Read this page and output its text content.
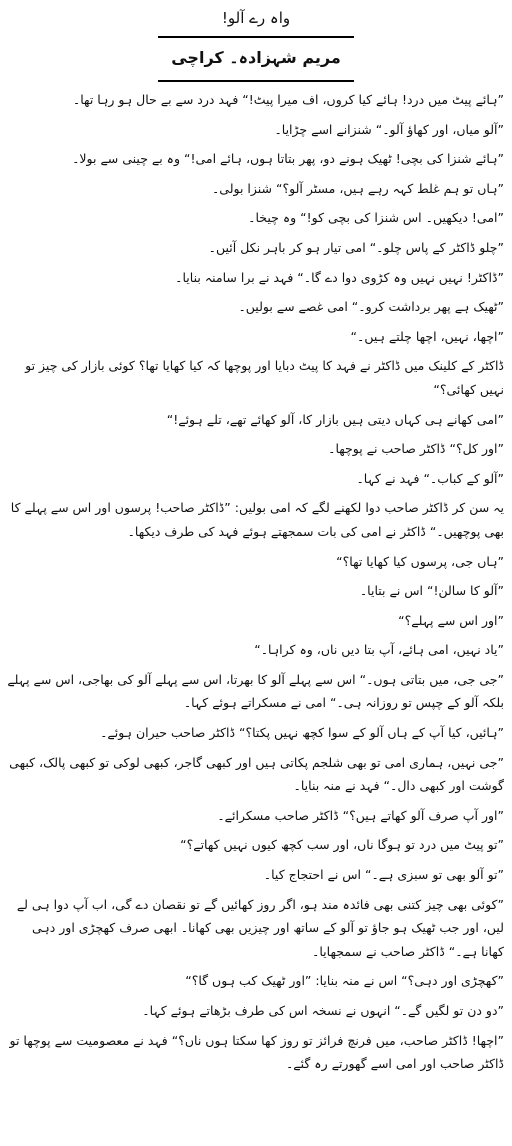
واہ رے آلو!
مریم شہزادہ۔ کراچی

”ہائے پیٹ میں درد! ہائے کیا کروں، اف میرا پیٹ!“ فہد درد سے بے حال ہو رہا تھا۔

”آلو میاں، اور کھاؤ آلو۔“ شنزانے اسے چڑایا۔

”ہائے شنزا کی بچی! ٹھیک ہونے دو، پھر بتاتا ہوں، ہائے امی!“ وہ بے چینی سے بولا۔

”ہاں تو ہم غلط کہہ رہے ہیں، مسٹر آلو؟“ شنزا بولی۔

”امی! دیکھیں۔ اس شنزا کی بچی کو!“ وہ چیخا۔

”چلو ڈاکٹر کے پاس چلو۔“ امی تیار ہو کر باہر نکل آئیں۔

”ڈاکٹر! نہیں نہیں وہ کڑوی دوا دے گا۔“ فہد نے برا سامنہ بنایا۔

”ٹھیک ہے پھر برداشت کرو۔“ امی غصے سے بولیں۔

”اچھا، نہیں، اچھا چلتے ہیں۔“

ڈاکٹر کے کلینک میں ڈاکٹر نے فہد کا پیٹ دبایا اور پوچھا کہ کیا کھایا تھا؟ کوئی بازار کی چیز تو نہیں کھائی؟“

”امی کھانے ہی کہاں دیتی ہیں بازار کا، آلو کھائے تھے، تلے ہوئے!“

”اور کل؟“ ڈاکٹر صاحب نے پوچھا۔

”آلو کے کباب۔“ فہد نے کہا۔

یہ سن کر ڈاکٹر صاحب دوا لکھنے لگے کہ امی بولیں: ”ڈاکٹر صاحب! پرسوں اور اس سے پہلے کا بھی پوچھیں۔“ ڈاکٹر نے امی کی بات سمجھتے ہوئے فہد کی طرف دیکھا۔

”ہاں جی، پرسوں کیا کھایا تھا؟“

”آلو کا سالن!“ اس نے بتایا۔

”اور اس سے پہلے؟“

”یاد نہیں، امی ہائے، آپ بتا دیں ناں، وہ کراہا۔“

”جی جی، میں بتاتی ہوں۔“ اس سے پہلے آلو کا بھرتا، اس سے پہلے آلو کی بھاجی، اس سے پہلے بلکہ آلو کے چپس تو روزانہ ہی۔“ امی نے مسکراتے ہوئے کہا۔

”ہائیں، کیا آپ کے ہاں آلو کے سوا کچھ نہیں پکتا؟“ ڈاکٹر صاحب حیران ہوئے۔

”جی نہیں، ہماری امی تو بھی شلجم پکاتی ہیں اور کبھی گاجر، کبھی لوکی تو کبھی پالک، کبھی گوشت اور کبھی دال۔“ فہد نے منہ بنایا۔

”اور آپ صرف آلو کھاتے ہیں؟“ ڈاکٹر صاحب مسکرائے۔

”تو پیٹ میں درد تو ہوگا ناں، اور سب کچھ کیوں نہیں کھاتے؟“

”تو آلو بھی تو سبزی ہے۔“ اس نے احتجاج کیا۔

”کوئی بھی چیز کتنی بھی فائدہ مند ہو، اگر روز کھائیں گے تو نقصان دے گی، اب آپ دوا ہی لے لیں، اور جب ٹھیک ہو جاؤ تو آلو کے ساتھ اور چیزیں بھی کھانا۔ ابھی صرف کھچڑی اور دہی کھانا ہے۔“ ڈاکٹر صاحب نے سمجھایا۔

”کھچڑی اور دہی؟“ اس نے منہ بنایا: ”اور ٹھیک کب ہوں گا؟“

”دو دن تو لگیں گے۔“ انہوں نے نسخہ اس کی طرف بڑھاتے ہوئے کہا۔

”اچھا! ڈاکٹر صاحب، میں فرنچ فرائز تو روز کھا سکتا ہوں ناں؟“ فہد نے معصومیت سے پوچھا تو ڈاکٹر صاحب اور امی اسے گھورتے رہ گئے۔
